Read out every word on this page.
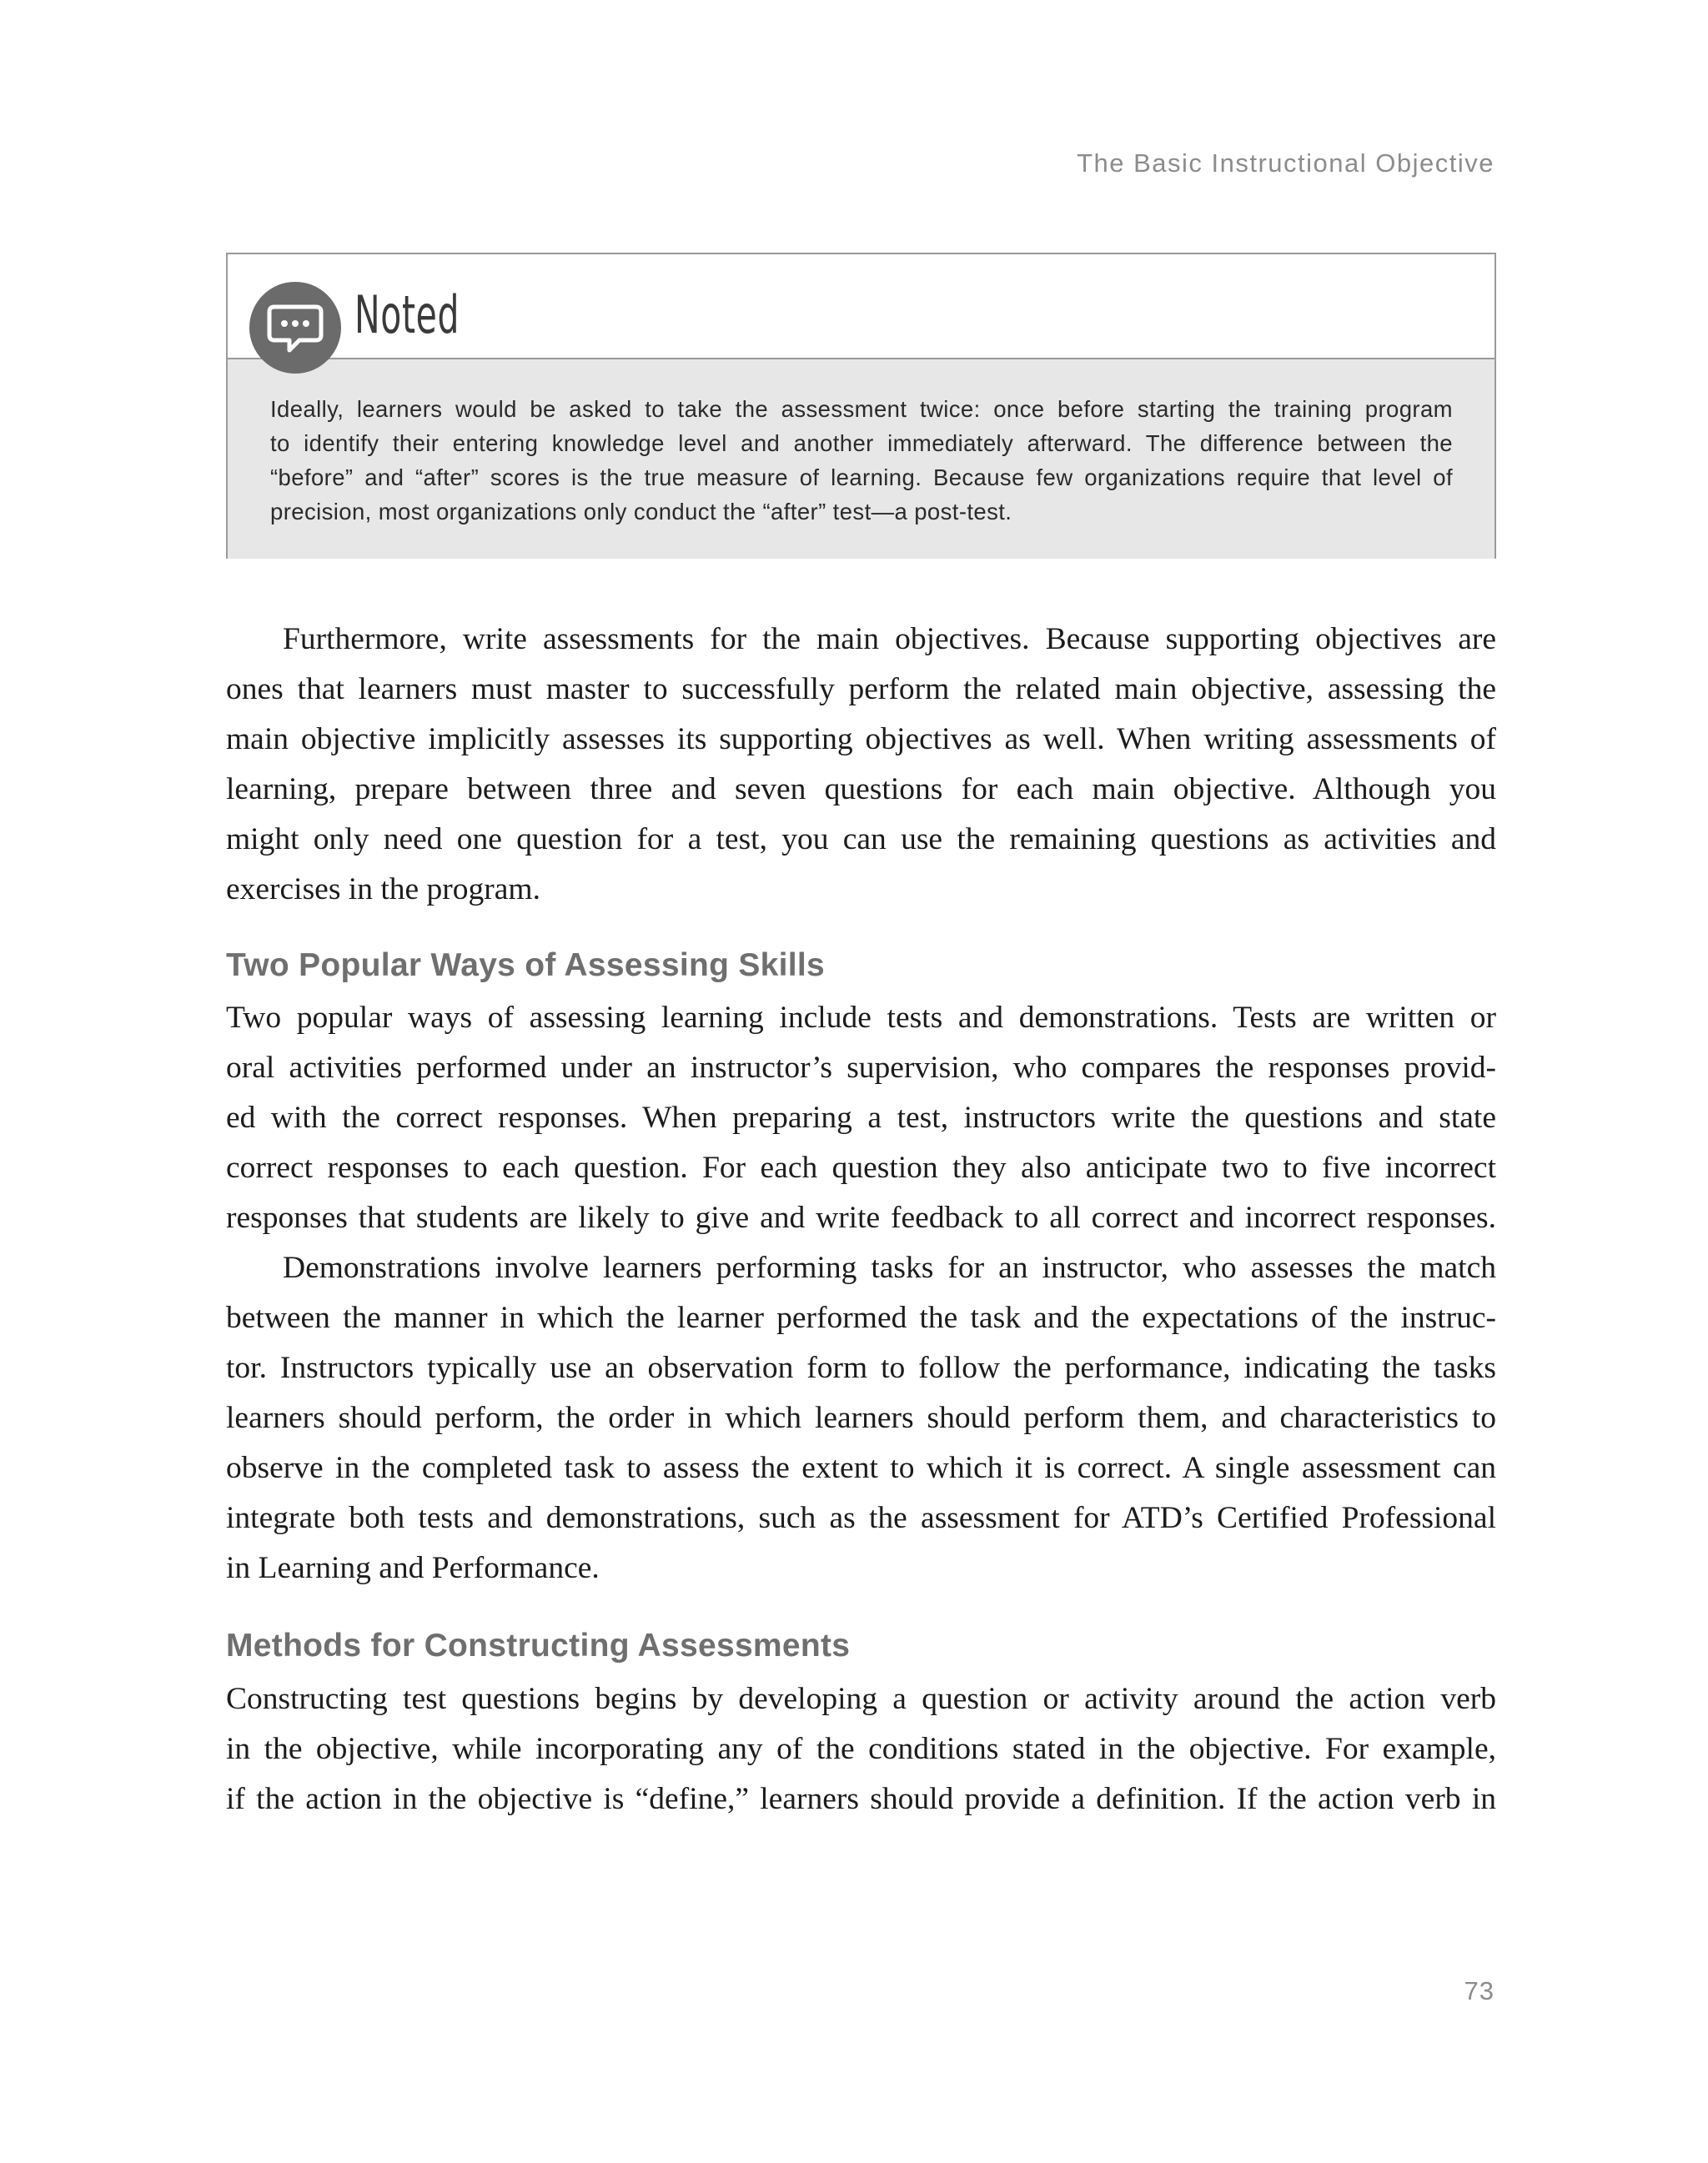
The Basic Instructional Objective
Noted
Ideally, learners would be asked to take the assessment twice: once before starting the training program
to identify their entering knowledge level and another immediately afterward. The difference between the
“before” and “after” scores is the true measure of learning. Because few organizations require that level of
precision, most organizations only conduct the “after” test—a post-test.

Furthermore, write assessments for the main objectives. Because supporting objectives are
ones that learners must master to successfully perform the related main objective, assessing the
main objective implicitly assesses its supporting objectives as well. When writing assessments of
learning, prepare between three and seven questions for each main objective. Although you
might only need one question for a test, you can use the remaining questions as activities and
exercises in the program.

Two Popular Ways of Assessing Skills

Two popular ways of assessing learning include tests and demonstrations. Tests are written or
oral activities performed under an instructor’s supervision, who compares the responses provid-
ed with the correct responses. When preparing a test, instructors write the questions and state
correct responses to each question. For each question they also anticipate two to five incorrect
responses that students are likely to give and write feedback to all correct and incorrect responses.

Demonstrations involve learners performing tasks for an instructor, who assesses the match
between the manner in which the learner performed the task and the expectations of the instruc-
tor. Instructors typically use an observation form to follow the performance, indicating the tasks
learners should perform, the order in which learners should perform them, and characteristics to
observe in the completed task to assess the extent to which it is correct. A single assessment can
integrate both tests and demonstrations, such as the assessment for ATD’s Certified Professional
in Learning and Performance.

Methods for Constructing Assessments

Constructing test questions begins by developing a question or activity around the action verb
in the objective, while incorporating any of the conditions stated in the objective. For example,
if the action in the objective is “define,” learners should provide a definition. If the action verb in

73
